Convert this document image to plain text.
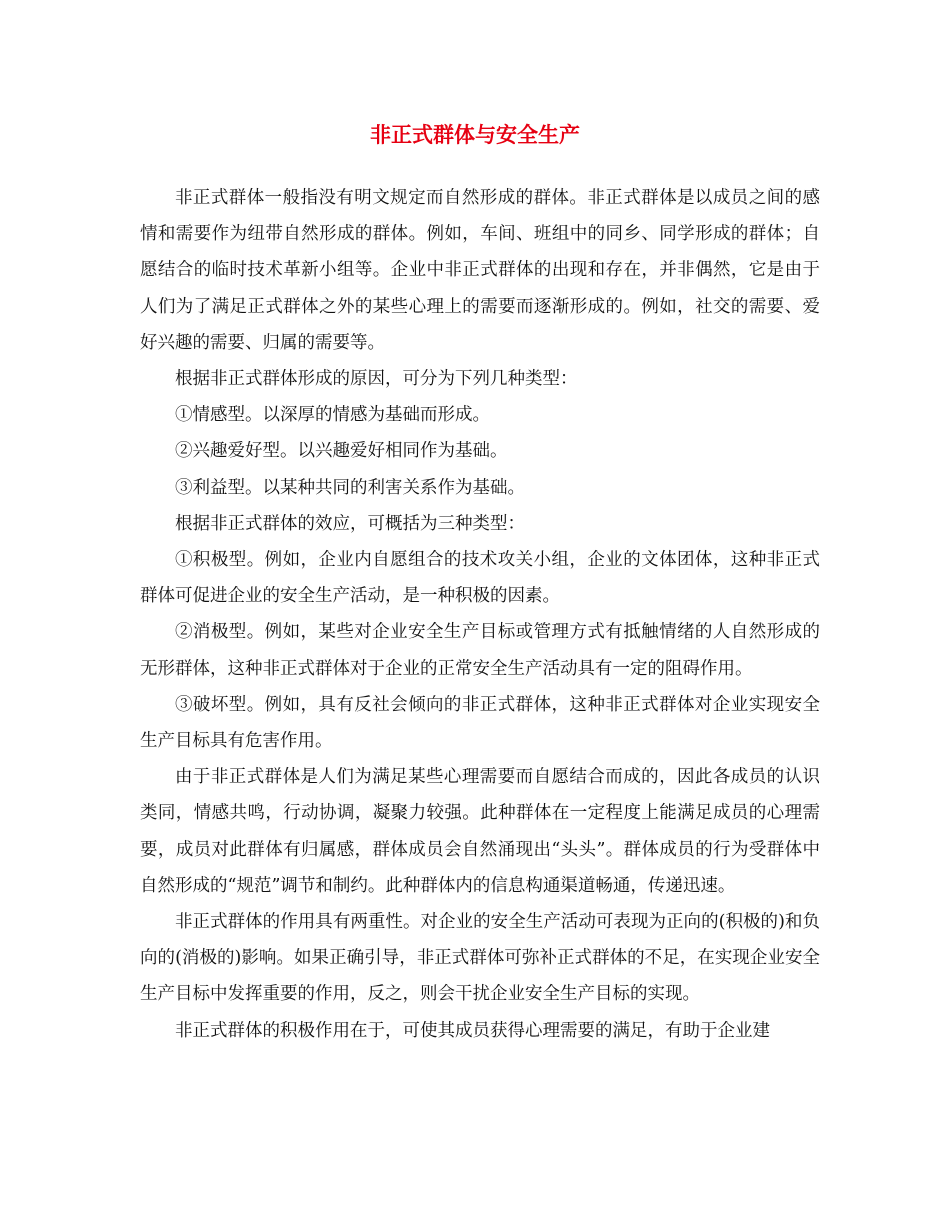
非正式群体与安全生产

非正式群体一般指没有明文规定而自然形成的群体。非正式群体是以成员之间的感情和需要作为纽带自然形成的群体。例如，车间、班组中的同乡、同学形成的群体；自愿结合的临时技术革新小组等。企业中非正式群体的出现和存在，并非偶然，它是由于人们为了满足正式群体之外的某些心理上的需要而逐渐形成的。例如，社交的需要、爱好兴趣的需要、归属的需要等。

根据非正式群体形成的原因，可分为下列几种类型：

①情感型。以深厚的情感为基础而形成。

②兴趣爱好型。以兴趣爱好相同作为基础。

③利益型。以某种共同的利害关系作为基础。

根据非正式群体的效应，可概括为三种类型：

①积极型。例如，企业内自愿组合的技术攻关小组，企业的文体团体，这种非正式群体可促进企业的安全生产活动，是一种积极的因素。

②消极型。例如，某些对企业安全生产目标或管理方式有抵触情绪的人自然形成的无形群体，这种非正式群体对于企业的正常安全生产活动具有一定的阻碍作用。

③破坏型。例如，具有反社会倾向的非正式群体，这种非正式群体对企业实现安全生产目标具有危害作用。

由于非正式群体是人们为满足某些心理需要而自愿结合而成的，因此各成员的认识类同，情感共鸣，行动协调，凝聚力较强。此种群体在一定程度上能满足成员的心理需要，成员对此群体有归属感，群体成员会自然涌现出“头头”。群体成员的行为受群体中自然形成的“规范”调节和制约。此种群体内的信息构通渠道畅通，传递迅速。

非正式群体的作用具有两重性。对企业的安全生产活动可表现为正向的(积极的)和负向的(消极的)影响。如果正确引导，非正式群体可弥补正式群体的不足，在实现企业安全生产目标中发挥重要的作用，反之，则会干扰企业安全生产目标的实现。

非正式群体的积极作用在于，可使其成员获得心理需要的满足，有助于企业建
